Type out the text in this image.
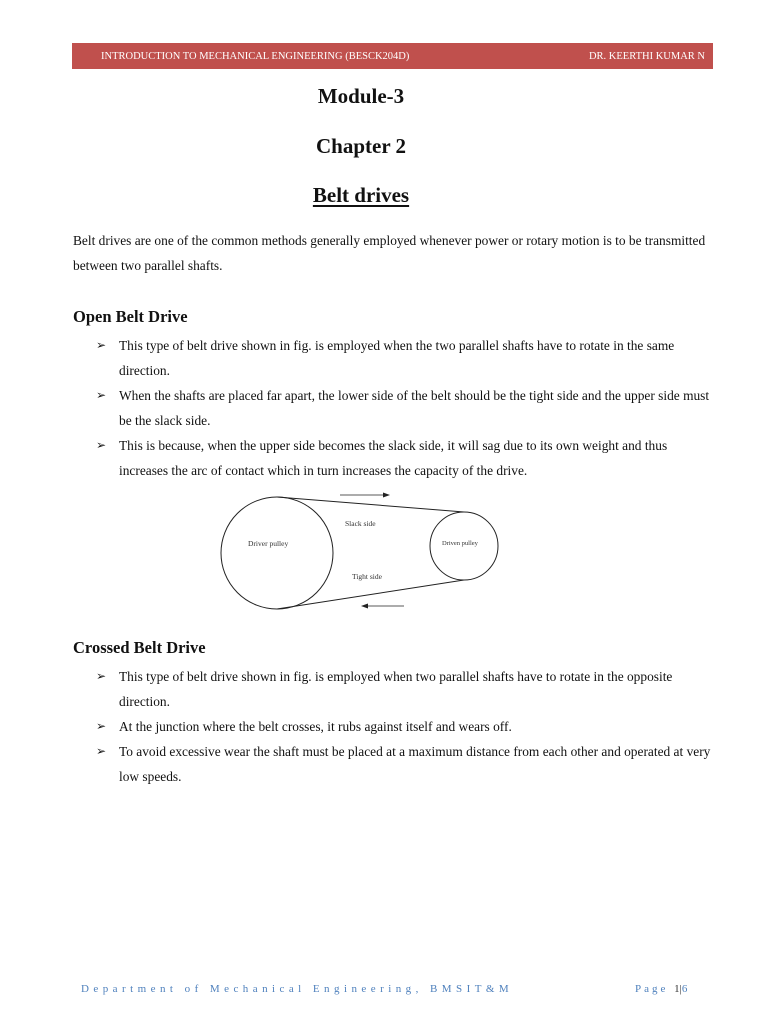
INTRODUCTION TO MECHANICAL ENGINEERING (BESCK204D)	DR. KEERTHI KUMAR N
Module-3
Chapter 2
Belt drives

Belt drives are one of the common methods generally employed whenever power or rotary motion is to be transmitted between two parallel shafts.

Open Belt Drive
➢ This type of belt drive shown in fig. is employed when the two parallel shafts have to rotate in the same direction.
➢ When the shafts are placed far apart, the lower side of the belt should be the tight side and the upper side must be the slack side.
➢ This is because, when the upper side becomes the slack side, it will sag due to its own weight and thus increases the arc of contact which in turn increases the capacity of the drive.
Slack side
Driver pulley	Driven pulley
Tight side
Crossed Belt Drive
➢ This type of belt drive shown in fig. is employed when two parallel shafts have to rotate in the opposite direction.
➢ At the junction where the belt crosses, it rubs against itself and wears off.
➢ To avoid excessive wear the shaft must be placed at a maximum distance from each other and operated at very low speeds.
Department of Mechanical Engineering, BMSIT&M	Page 1|6
